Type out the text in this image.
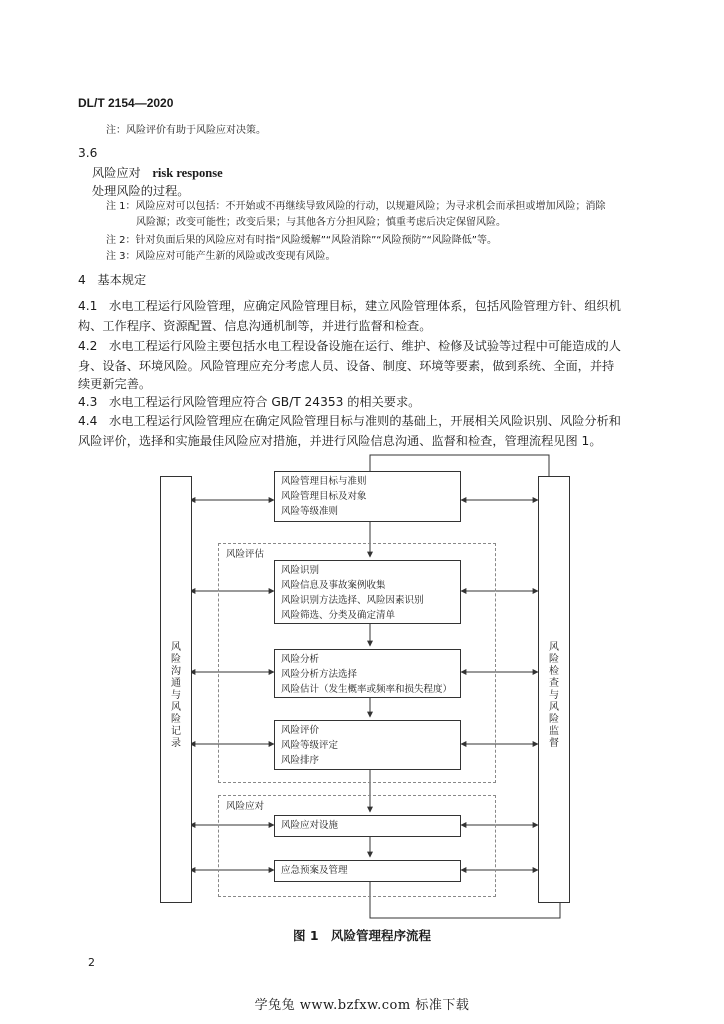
DL/T 2154—2020
注：风险评价有助于风险应对决策。
3.6
风险应对 risk response
处理风险的过程。
注 1：风险应对可以包括：不开始或不再继续导致风险的行动，以规避风险；为寻求机会而承担或增加风险；消除
风险源；改变可能性；改变后果；与其他各方分担风险；慎重考虑后决定保留风险。
注 2：针对负面后果的风险应对有时指“风险缓解”“风险消除”“风险预防”“风险降低”等。
注 3：风险应对可能产生新的风险或改变现有风险。
4 基本规定
4.1 水电工程运行风险管理，应确定风险管理目标，建立风险管理体系，包括风险管理方针、组织机
构、工作程序、资源配置、信息沟通机制等，并进行监督和检查。
4.2 水电工程运行风险主要包括水电工程设备设施在运行、维护、检修及试验等过程中可能造成的人
身、设备、环境风险。风险管理应充分考虑人员、设备、制度、环境等要素，做到系统、全面，并持
续更新完善。
4.3 水电工程运行风险管理应符合 GB/T 24353 的相关要求。
4.4 水电工程运行风险管理应在确定风险管理目标与准则的基础上，开展相关风险识别、风险分析和
风险评价，选择和实施最佳风险应对措施，并进行风险信息沟通、监督和检查，管理流程见图 1。
风险沟通与风险记录
风险检查与风险监督
风险评估
风险应对
风险管理目标与准则
风险管理目标及对象
风险等级准则
风险识别
风险信息及事故案例收集
风险识别方法选择、风险因素识别
风险筛选、分类及确定清单
风险分析
风险分析方法选择
风险估计（发生概率或频率和损失程度）
风险评价
风险等级评定
风险排序
风险应对设施
应急预案及管理
图 1　风险管理程序流程
2
学兔兔 www.bzfxw.com 标准下载
